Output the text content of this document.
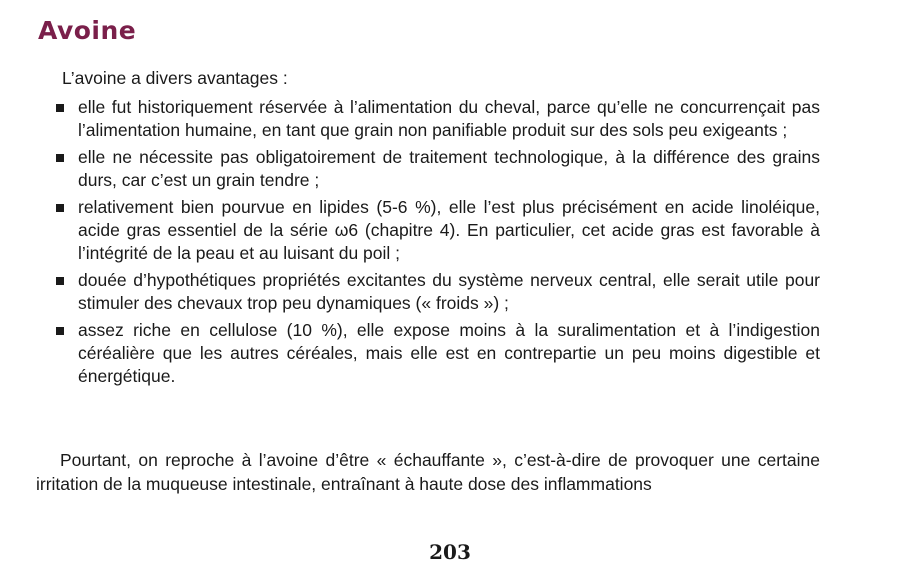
Avoine

L’avoine a divers avantages :

elle fut historiquement réservée à l’alimentation du cheval, parce qu’elle ne concurrençait pas l’alimentation humaine, en tant que grain non panifiable produit sur des sols peu exigeants ;
elle ne nécessite pas obligatoirement de traitement technologique, à la différence des grains durs, car c’est un grain tendre ;
relativement bien pourvue en lipides (5-6 %), elle l’est plus précisément en acide linoléique, acide gras essentiel de la série ω6 (chapitre 4). En particulier, cet acide gras est favorable à l’intégrité de la peau et au luisant du poil ;
douée d’hypothétiques propriétés excitantes du système nerveux central, elle serait utile pour stimuler des chevaux trop peu dynamiques (« froids ») ;
assez riche en cellulose (10 %), elle expose moins à la suralimentation et à l’indigestion céréalière que les autres céréales, mais elle est en contrepartie un peu moins digestible et énergétique.

Pourtant, on reproche à l’avoine d’être « échauffante », c’est-à-dire de provoquer une certaine irritation de la muqueuse intestinale, entraînant à haute dose des inflammations

203
